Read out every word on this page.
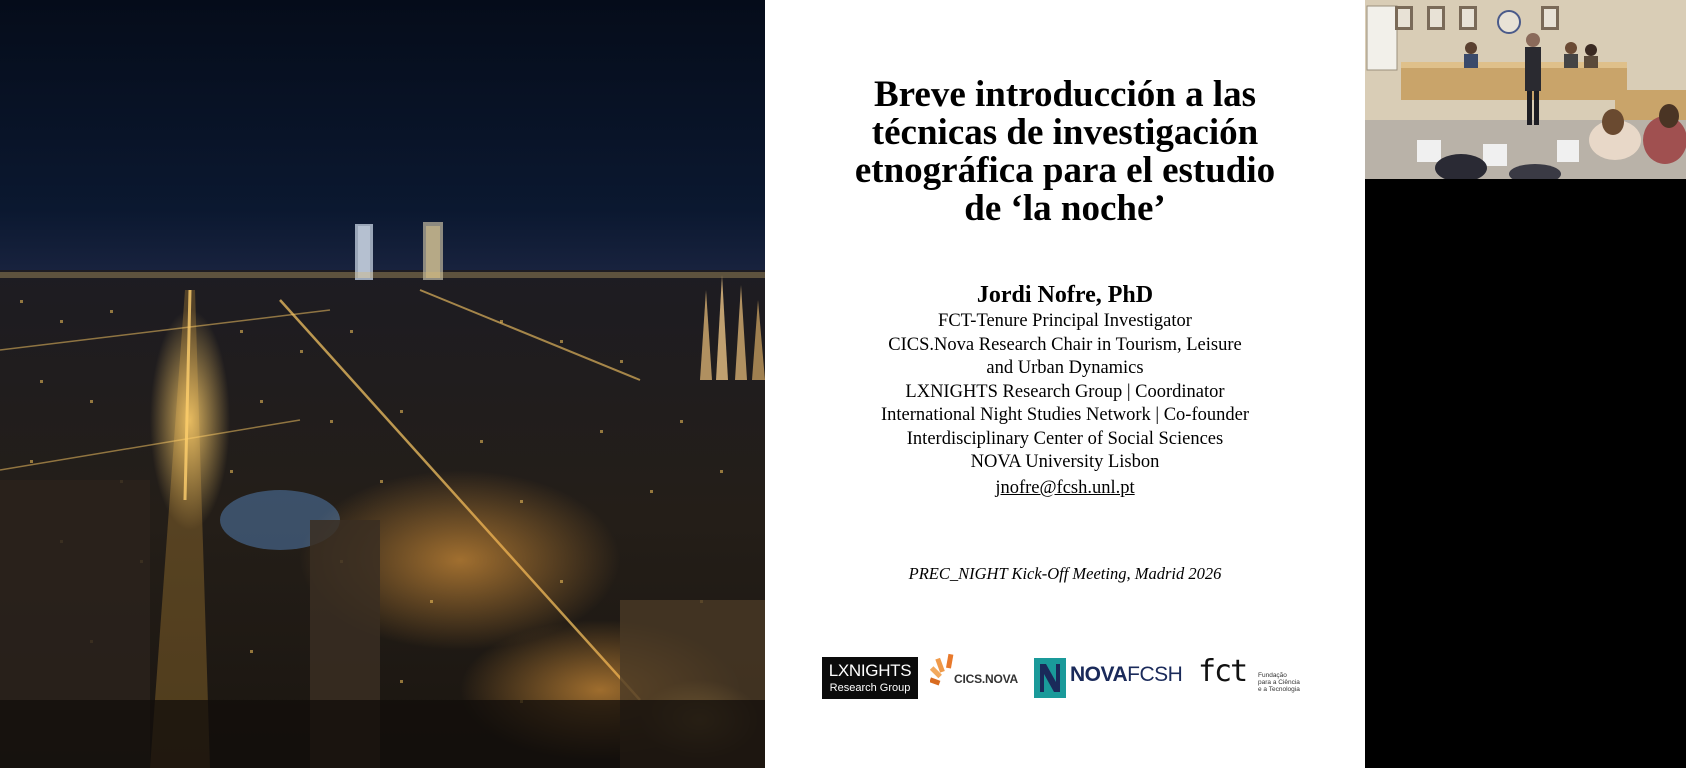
Breve introducción a las
técnicas de investigación
etnográfica para el estudio
de ‘la noche’
Jordi Nofre, PhD
FCT-Tenure Principal Investigator
CICS.Nova Research Chair in Tourism, Leisure
and Urban Dynamics
LXNIGHTS Research Group | Coordinator
International Night Studies Network | Co-founder
Interdisciplinary Center of Social Sciences
NOVA University Lisbon
jnofre@fcsh.unl.pt
PREC_NIGHT Kick-Off Meeting, Madrid 2026
LXNIGHTS
Research Group
CICS.NOVA NOVAFCSH fct Fundação
para a Ciência
e a Tecnologia
